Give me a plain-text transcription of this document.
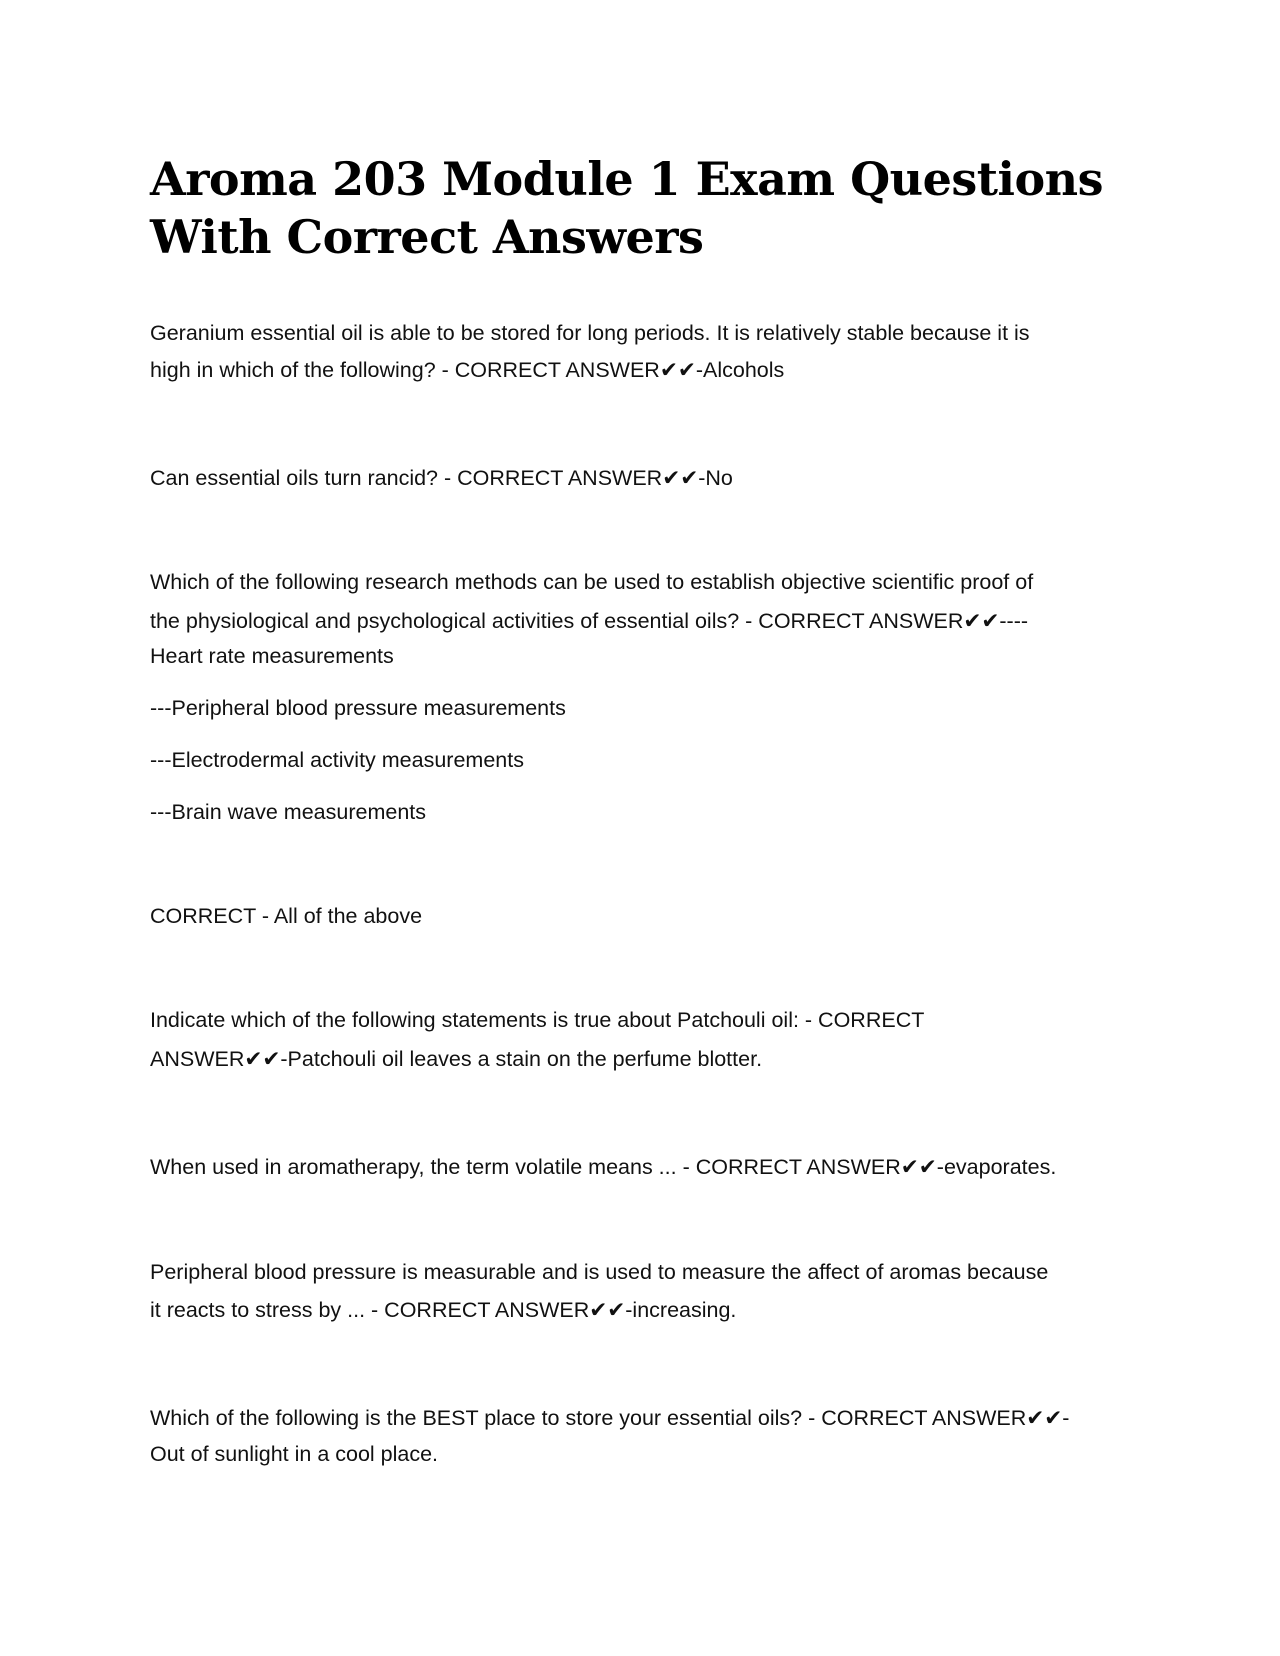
Aroma 203 Module 1 Exam Questions
With Correct Answers

Geranium essential oil is able to be stored for long periods. It is relatively stable because it is

high in which of the following? - CORRECT ANSWER✔✔-Alcohols

Can essential oils turn rancid? - CORRECT ANSWER✔✔-No

Which of the following research methods can be used to establish objective scientific proof of

the physiological and psychological activities of essential oils? - CORRECT ANSWER✔✔----

Heart rate measurements

---Peripheral blood pressure measurements

---Electrodermal activity measurements

---Brain wave measurements

CORRECT - All of the above

Indicate which of the following statements is true about Patchouli oil: - CORRECT

ANSWER✔✔-Patchouli oil leaves a stain on the perfume blotter.

When used in aromatherapy, the term volatile means ... - CORRECT ANSWER✔✔-evaporates.

Peripheral blood pressure is measurable and is used to measure the affect of aromas because

it reacts to stress by ... - CORRECT ANSWER✔✔-increasing.

Which of the following is the BEST place to store your essential oils? - CORRECT ANSWER✔✔-

Out of sunlight in a cool place.
